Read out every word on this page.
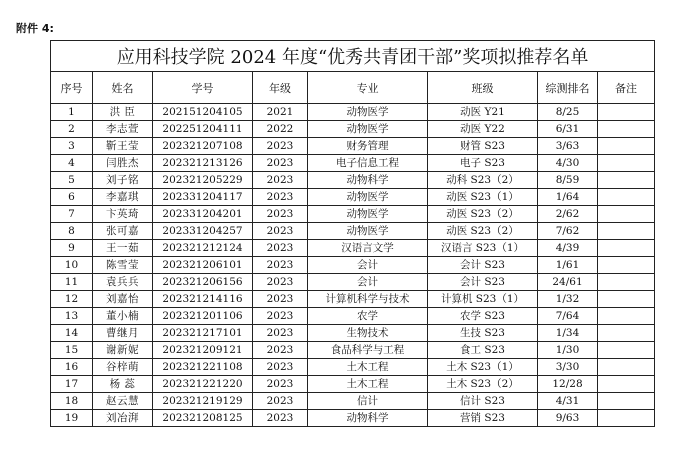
附件 4:
应用科技学院 2024 年度“优秀共青团干部”奖项拟推荐名单							
序号	姓名	学号	年级	专业	班级	综测排名	备注
1	洪 臣	202151204105	2021	动物医学	动医 Y21	8/25	
2	李志萱	202251204111	2022	动物医学	动医 Y22	6/31	
3	靳王莹	202321207108	2023	财务管理	财管 S23	3/63	
4	闫胜杰	202321213126	2023	电子信息工程	电子 S23	4/30	
5	刘子铭	202321205229	2023	动物科学	动科 S23（2）	8/59	
6	李嘉琪	202331204117	2023	动物医学	动医 S23（1）	1/64	
7	卞英琦	202331204201	2023	动物医学	动医 S23（2）	2/62	
8	张可嘉	202331204257	2023	动物医学	动医 S23（2）	7/62	
9	王一茹	202321212124	2023	汉语言文学	汉语言 S23（1）	4/39	
10	陈雪莹	202321206101	2023	会计	会计 S23	1/61	
11	袁兵兵	202321206156	2023	会计	会计 S23	24/61	
12	刘嘉怡	202321214116	2023	计算机科学与技术	计算机 S23（1）	1/32	
13	董小楠	202321201106	2023	农学	农学 S23	7/64	
14	曹继月	202321217101	2023	生物技术	生技 S23	1/34	
15	谢新妮	202321209121	2023	食品科学与工程	食工 S23	1/30	
16	谷梓萌	202321221108	2023	土木工程	土木 S23（1）	3/30	
17	杨 蕊	202321221220	2023	土木工程	土木 S23（2）	12/28	
18	赵云慧	202321219129	2023	信计	信计 S23	4/31	
19	刘冶湃	202321208125	2023	动物科学	营销 S23	9/63	
